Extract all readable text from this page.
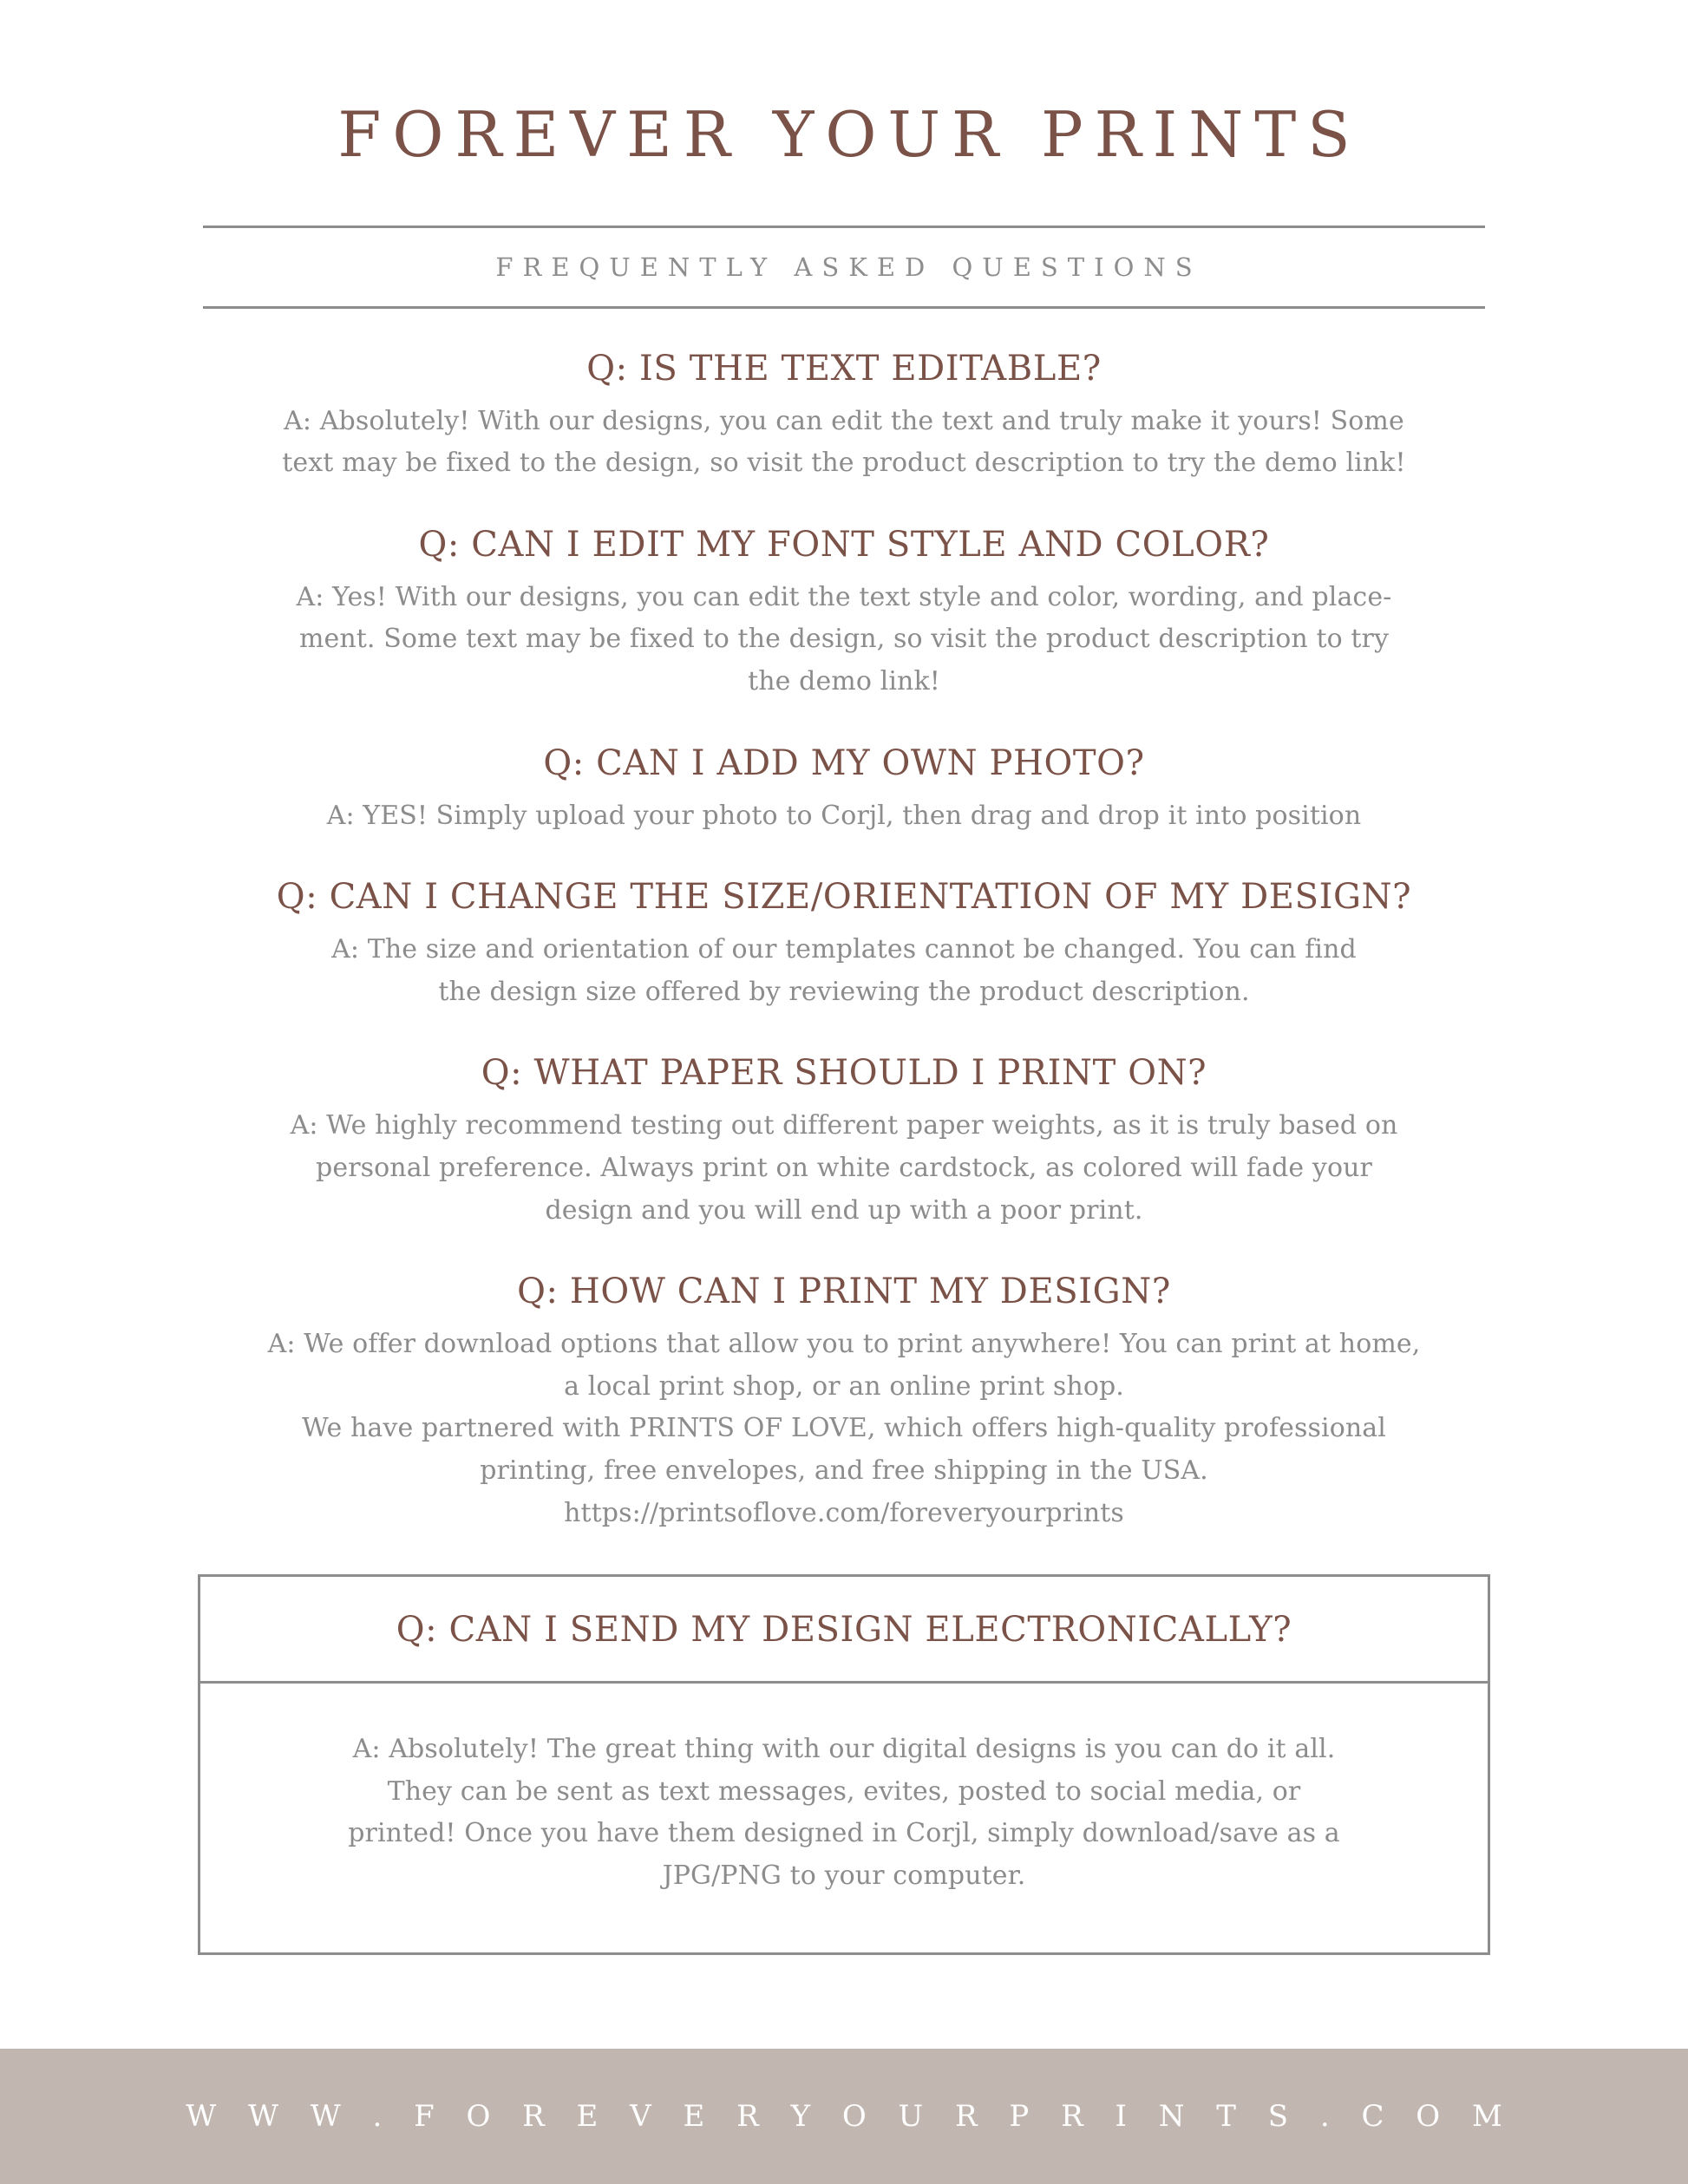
FOREVER YOUR PRINTS
FREQUENTLY ASKED QUESTIONS
Q: IS THE TEXT EDITABLE?
A: Absolutely! With our designs, you can edit the text and truly make it yours! Some
text may be fixed to the design, so visit the product description to try the demo link!
Q: CAN I EDIT MY FONT STYLE AND COLOR?
A: Yes! With our designs, you can edit the text style and color, wording, and place-
ment. Some text may be fixed to the design, so visit the product description to try
the demo link!
Q: CAN I ADD MY OWN PHOTO?
A: YES! Simply upload your photo to Corjl, then drag and drop it into position
Q: CAN I CHANGE THE SIZE/ORIENTATION OF MY DESIGN?
A: The size and orientation of our templates cannot be changed. You can find
the design size offered by reviewing the product description.
Q: WHAT PAPER SHOULD I PRINT ON?
A: We highly recommend testing out different paper weights, as it is truly based on
personal preference. Always print on white cardstock, as colored will fade your
design and you will end up with a poor print.
Q: HOW CAN I PRINT MY DESIGN?
A: We offer download options that allow you to print anywhere! You can print at home,
a local print shop, or an online print shop.
We have partnered with PRINTS OF LOVE, which offers high-quality professional
printing, free envelopes, and free shipping in the USA.
https://printsoflove.com/foreveryourprints
Q: CAN I SEND MY DESIGN ELECTRONICALLY?
A: Absolutely! The great thing with our digital designs is you can do it all.
They can be sent as text messages, evites, posted to social media, or
printed! Once you have them designed in Corjl, simply download/save as a
JPG/PNG to your computer.
W W W . F O R E V E R Y O U R P R I N T S . C O M
